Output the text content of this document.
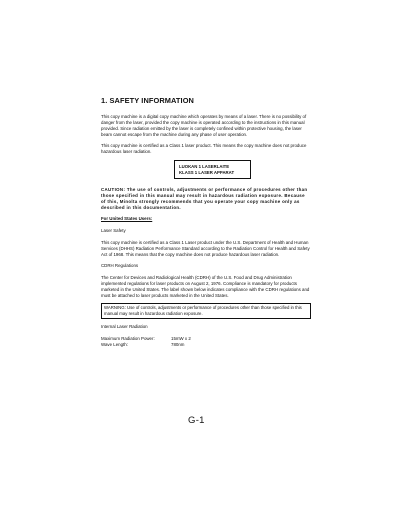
1. SAFETY INFORMATION

This copy machine is a digital copy machine which operates by means of a laser. There is no possibility of danger from the laser, provided the copy machine is operated according to the instructions in this manual provided. Since radiation emitted by the laser is completely confined within protective housing, the laser beam cannot escape from the machine during any phase of user operation.

This copy machine is certified as a Class 1 laser product. This means the copy machine does not produce hazardous laser radiation.

LUOKAN 1 LASERLAITE
KLASS 1 LASER APPARAT

CAUTION: The use of controls, adjustments or performance of procedures other than those specified in this manual may result in hazardous radiation exposure. Because of this, Minolta strongly recommends that you operate your copy machine only as described in this documentation.

For United States Users:
Laser Safety

This copy machine is certified as a Class 1 Laser product under the U.S. Department of Health and Human Services (DHHS) Radiation Performance Standard according to the Radiation Control for Health and Safety Act of 1968. This means that the copy machine does not produce hazardous laser radiation.

CDRH Regulations

The Center for Devices and Radiological Health (CDRH) of the U.S. Food and Drug Administration implemented regulations for laser products on August 2, 1976. Compliance is mandatory for products marketed in the United States. The label shown below indicates compliance with the CDRH regulations and must be attached to laser products marketed in the United States.

WARNING: Use of controls, adjustments or performance of procedures other than those specified in this manual may result in hazardous radiation exposure.
Internal Laser Radiation
Maximum Radiation Power:	15mW x 2
Wave Length:	780nm
G-1
